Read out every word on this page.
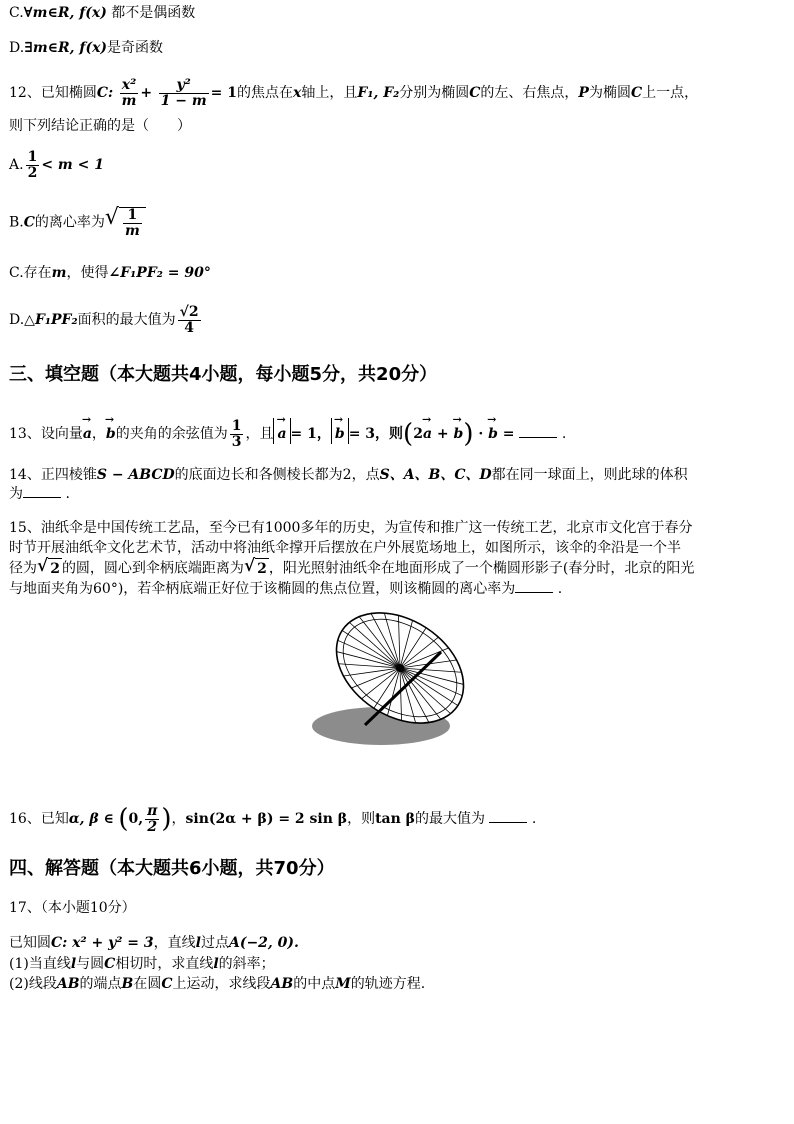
C.∀m∈R, f(x) 都不是偶函数
D.∃m∈R, f(x)是奇函数
12、已知椭圆C: $\frac{\text{x²}}{m} + \frac{\text{y²}}{1 - m} = 1$的焦点在x轴上，且F₁, F₂分别为椭圆C的左、右焦点，P为椭圆C上一点，
则下列结论正确的是（　　）
A. $\frac{1}{2} < m < 1$
B.C的离心率为 √ $\frac{1}{m}$
C.存在m，使得∠F₁PF₂ = 90°
D.△F₁PF₂面积的最大值为 $\frac{√2}{4}$
三、填空题（本大题共4小题，每小题5分，共20分）
13、设向量→ a，→ b的夹角的余弦值为 $\frac{1}{3}$ ，且 → a = 1， → b = 3，则(2→ a + → b) · → b =	.
14、正四棱锥S − ABCD的底面边长和各侧棱长都为2，点S、A、B、C、D都在同一球面上，则此球的体积
为	.
15、油纸伞是中国传统工艺品，至今已有1000多年的历史，为宣传和推广这一传统工艺，北京市文化宫于春分
时节开展油纸伞文化艺术节，活动中将油纸伞撑开后摆放在户外展览场地上，如图所示，该伞的伞沿是一个半
径为 √ 2 的圆，圆心到伞柄底端距离为 √ 2 ，阳光照射油纸伞在地面形成了一个椭圆形影子(春分时，北京的阳光
与地面夹角为60°)，若伞柄底端正好位于该椭圆的焦点位置，则该椭圆的离心率为	.
16、已知α, β ∈ (0, $\frac{\pi}{2}$ )，sin(2α + β) = 2 sin β，则tan β的最大值为	.
四、解答题（本大题共6小题，共70分）
17、（本小题10分）
已知圆C: x² + y² = 3，直线l过点A(−2, 0).
(1)当直线l与圆C相切时，求直线l的斜率；
(2)线段AB的端点B在圆C上运动，求线段AB的中点M的轨迹方程.
